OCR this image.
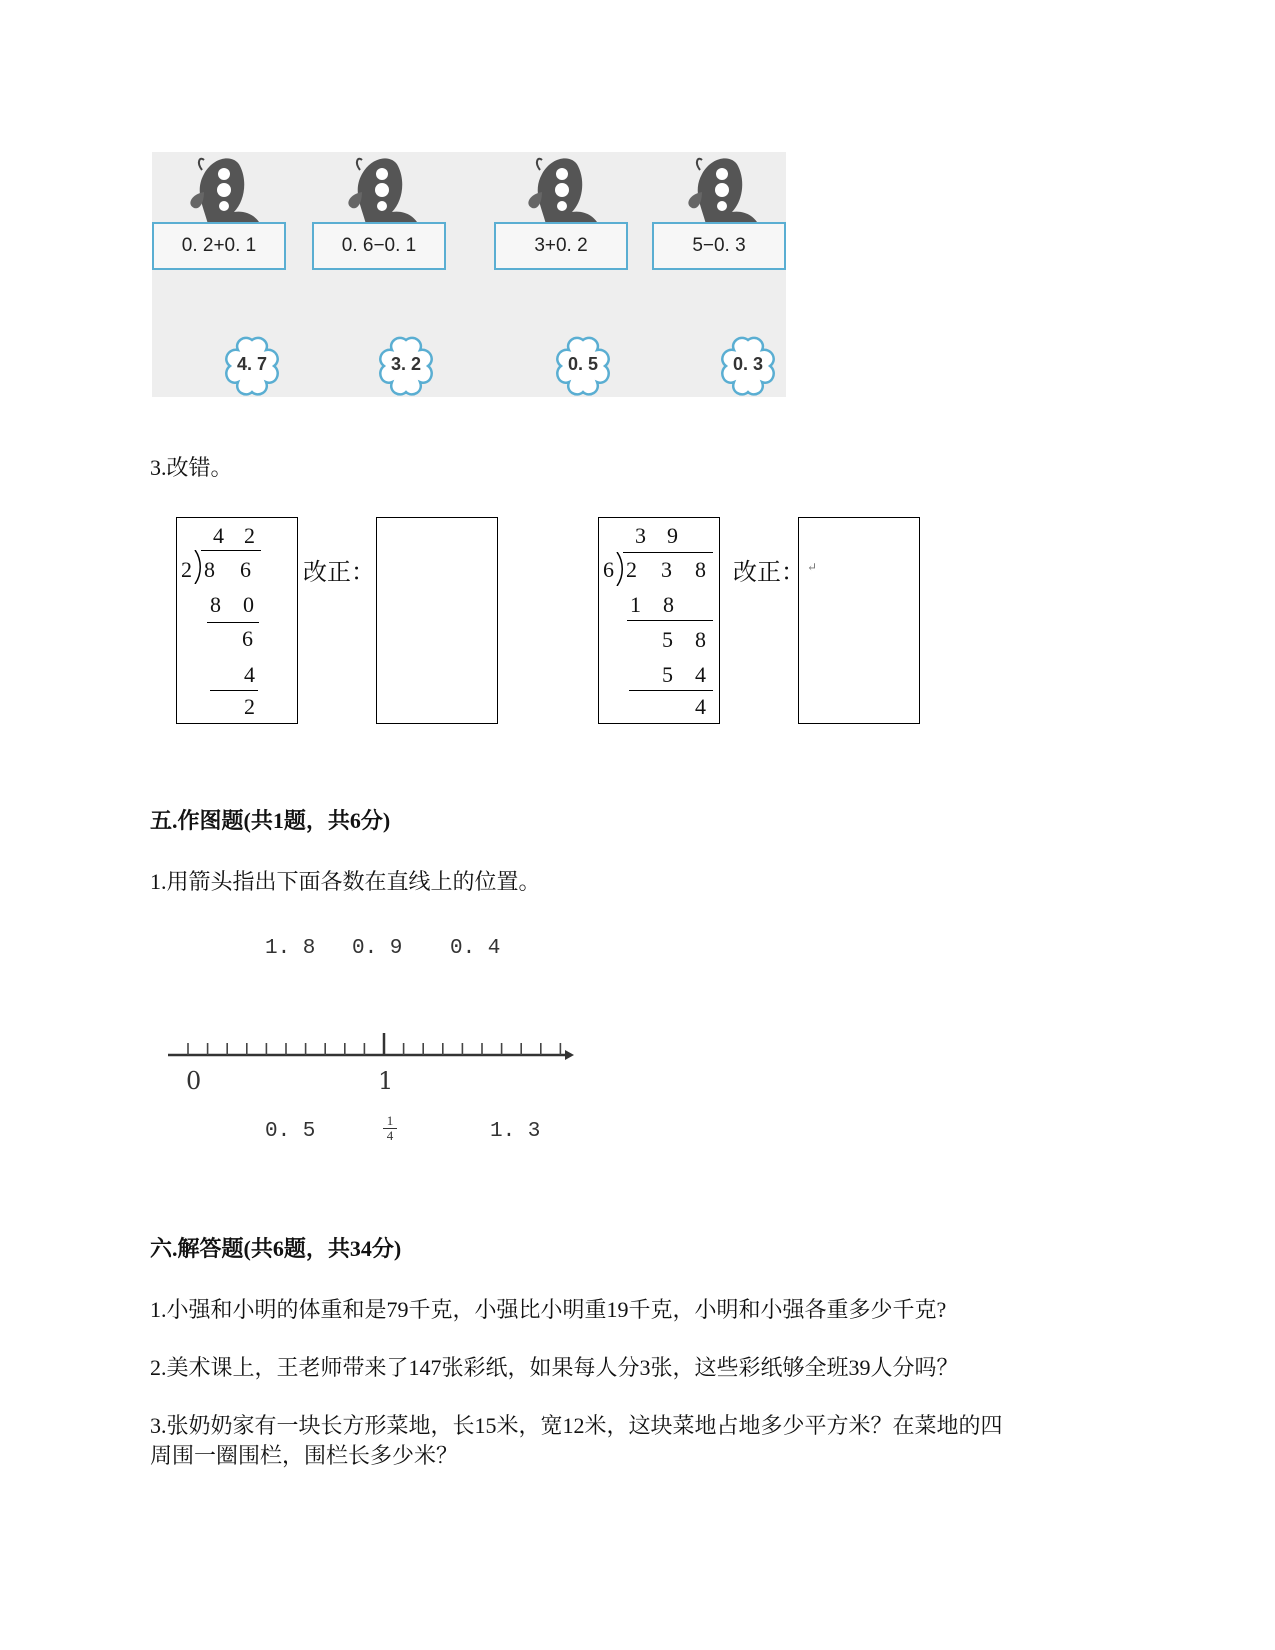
0. 2+0. 1	0. 6−0. 1	3+0. 2	5−0. 3
4. 7	3. 2	0. 5	0. 3
3.改错。
4 2
2 8 6
8 0
6
4
2
改正：
3 9
6 2 3 8
1 8
5 8
5 4
4
改正： ↵
五.作图题(共1题，共6分)
1.用箭头指出下面各数在直线上的位置。
1. 8 0. 9 0. 4
0	1
0. 5	$\frac{1}{4}$	1. 3
六.解答题(共6题，共34分)
1.小强和小明的体重和是79千克，小强比小明重19千克，小明和小强各重多少千克?
2.美术课上，王老师带来了147张彩纸，如果每人分3张，这些彩纸够全班39人分吗？
3.张奶奶家有一块长方形菜地，长15米，宽12米，这块菜地占地多少平方米？在菜地的四
周围一圈围栏，围栏长多少米？
